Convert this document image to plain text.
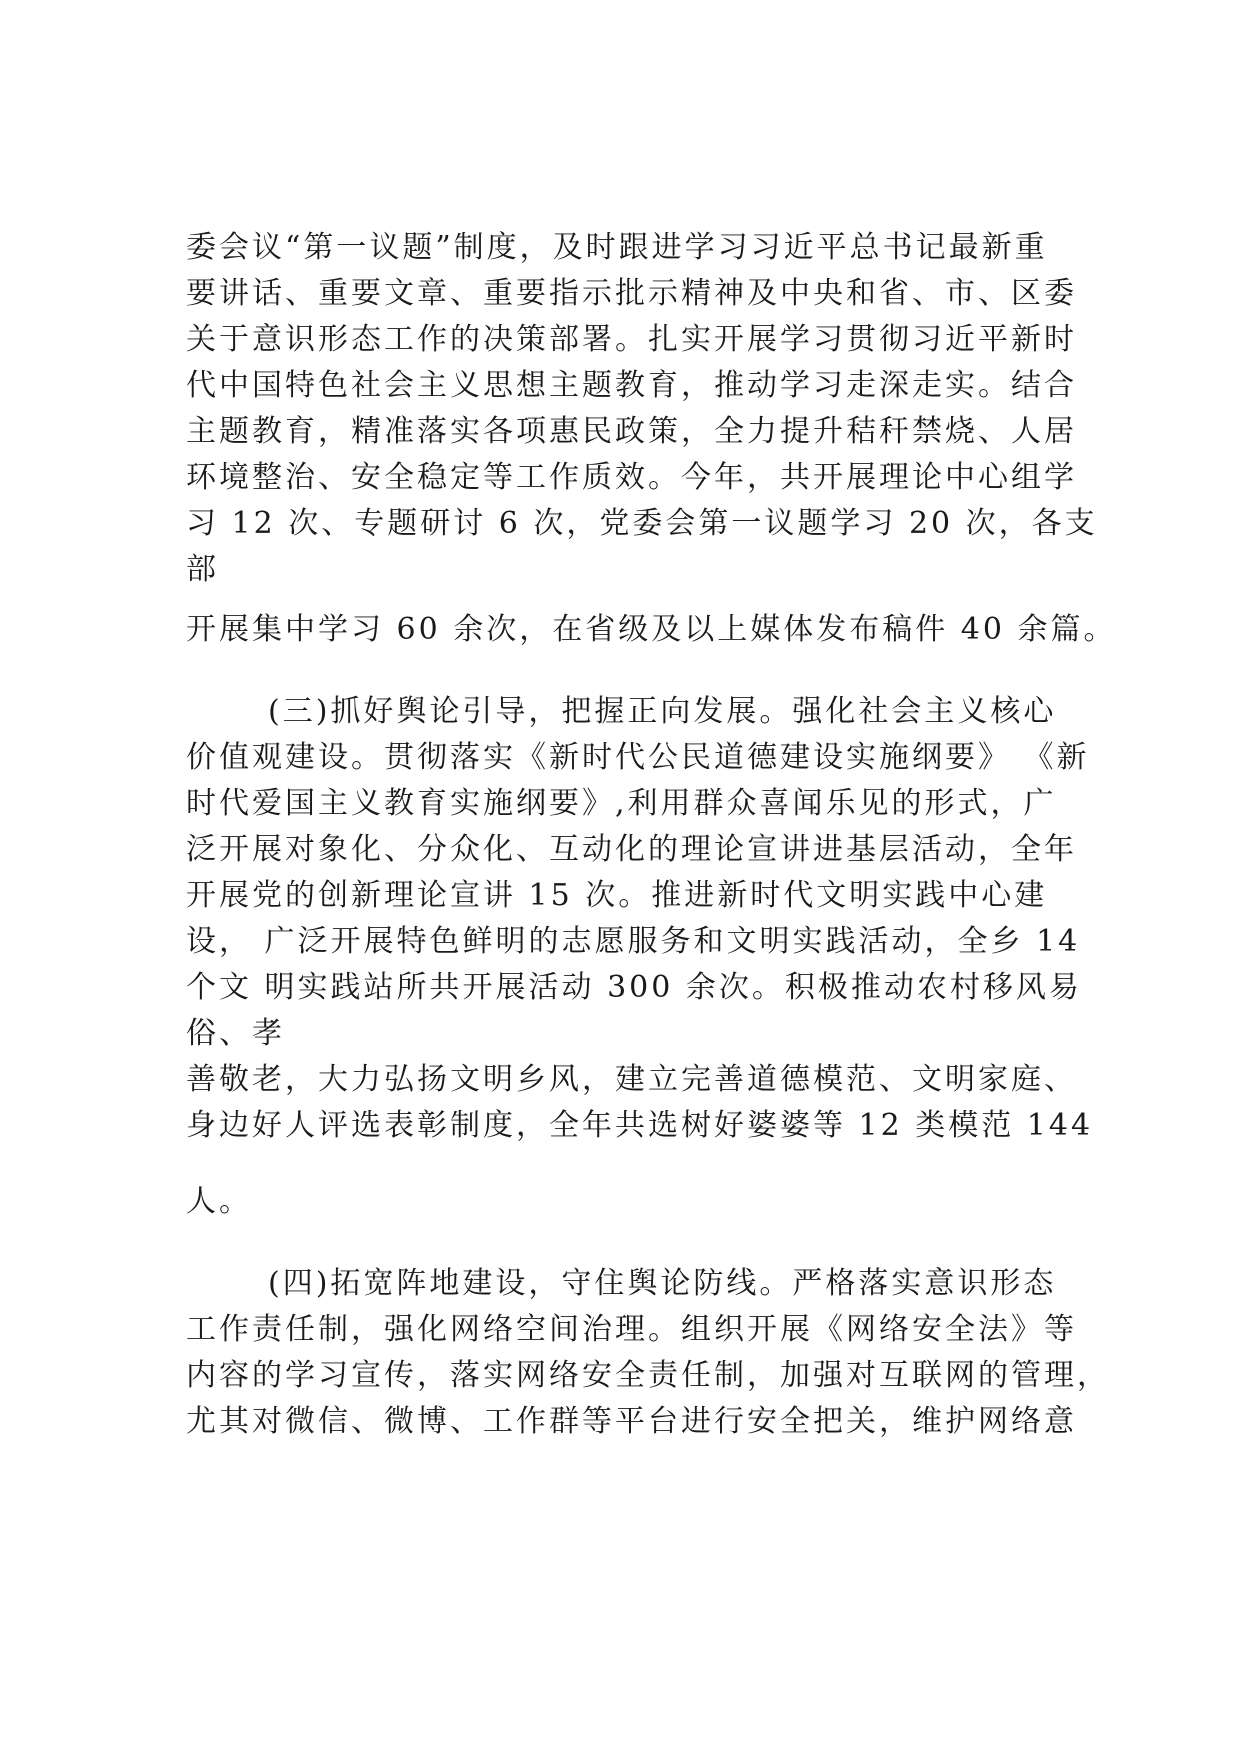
委会议“第一议题”制度，及时跟进学习习近平总书记最新重

要讲话、重要文章、重要指示批示精神及中央和省、市、区委

关于意识形态工作的决策部署。扎实开展学习贯彻习近平新时

代中国特色社会主义思想主题教育，推动学习走深走实。结合

主题教育，精准落实各项惠民政策，全力提升秸秆禁烧、人居

环境整治、安全稳定等工作质效。今年，共开展理论中心组学

习 12 次、专题研讨 6 次，党委会第一议题学习 20 次，各支

部

开展集中学习 60 余次，在省级及以上媒体发布稿件 40 余篇。

(三)抓好舆论引导，把握正向发展。强化社会主义核心

价值观建设。贯彻落实《新时代公民道德建设实施纲要》 《新

时代爱国主义教育实施纲要》,利用群众喜闻乐见的形式，广

泛开展对象化、分众化、互动化的理论宣讲进基层活动，全年

开展党的创新理论宣讲 15 次。推进新时代文明实践中心建

设， 广泛开展特色鲜明的志愿服务和文明实践活动，全乡 14

个文 明实践站所共开展活动 300 余次。积极推动农村移风易

俗、孝

善敬老，大力弘扬文明乡风，建立完善道德模范、文明家庭、

身边好人评选表彰制度，全年共选树好婆婆等 12 类模范 144

人。

(四)拓宽阵地建设，守住舆论防线。严格落实意识形态

工作责任制，强化网络空间治理。组织开展《网络安全法》等

内容的学习宣传，落实网络安全责任制，加强对互联网的管理，

尤其对微信、微博、工作群等平台进行安全把关，维护网络意
